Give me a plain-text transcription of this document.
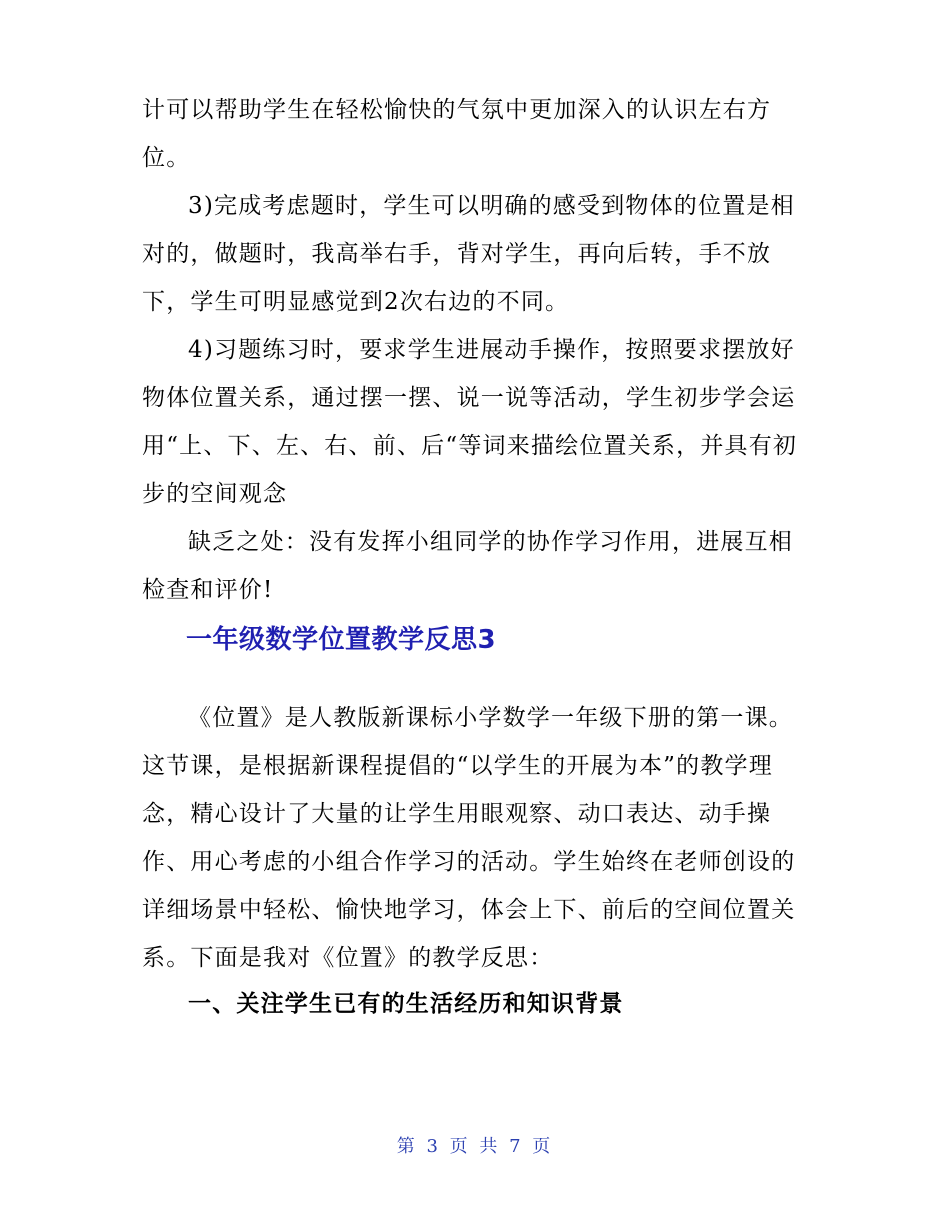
计可以帮助学生在轻松愉快的气氛中更加深入的认识左右方位。

3)完成考虑题时，学生可以明确的感受到物体的位置是相对的，做题时，我高举右手，背对学生，再向后转，手不放下，学生可明显感觉到2次右边的不同。

4)习题练习时，要求学生进展动手操作，按照要求摆放好物体位置关系，通过摆一摆、说一说等活动，学生初步学会运用“上、下、左、右、前、后“等词来描绘位置关系，并具有初步的空间观念

缺乏之处：没有发挥小组同学的协作学习作用，进展互相检查和评价!

一年级数学位置教学反思3

《位置》是人教版新课标小学数学一年级下册的第一课。这节课，是根据新课程提倡的“以学生的开展为本”的教学理念，精心设计了大量的让学生用眼观察、动口表达、动手操作、用心考虑的小组合作学习的活动。学生始终在老师创设的详细场景中轻松、愉快地学习，体会上下、前后的空间位置关系。下面是我对《位置》的教学反思：

一、关注学生已有的生活经历和知识背景
第 3 页 共 7 页
